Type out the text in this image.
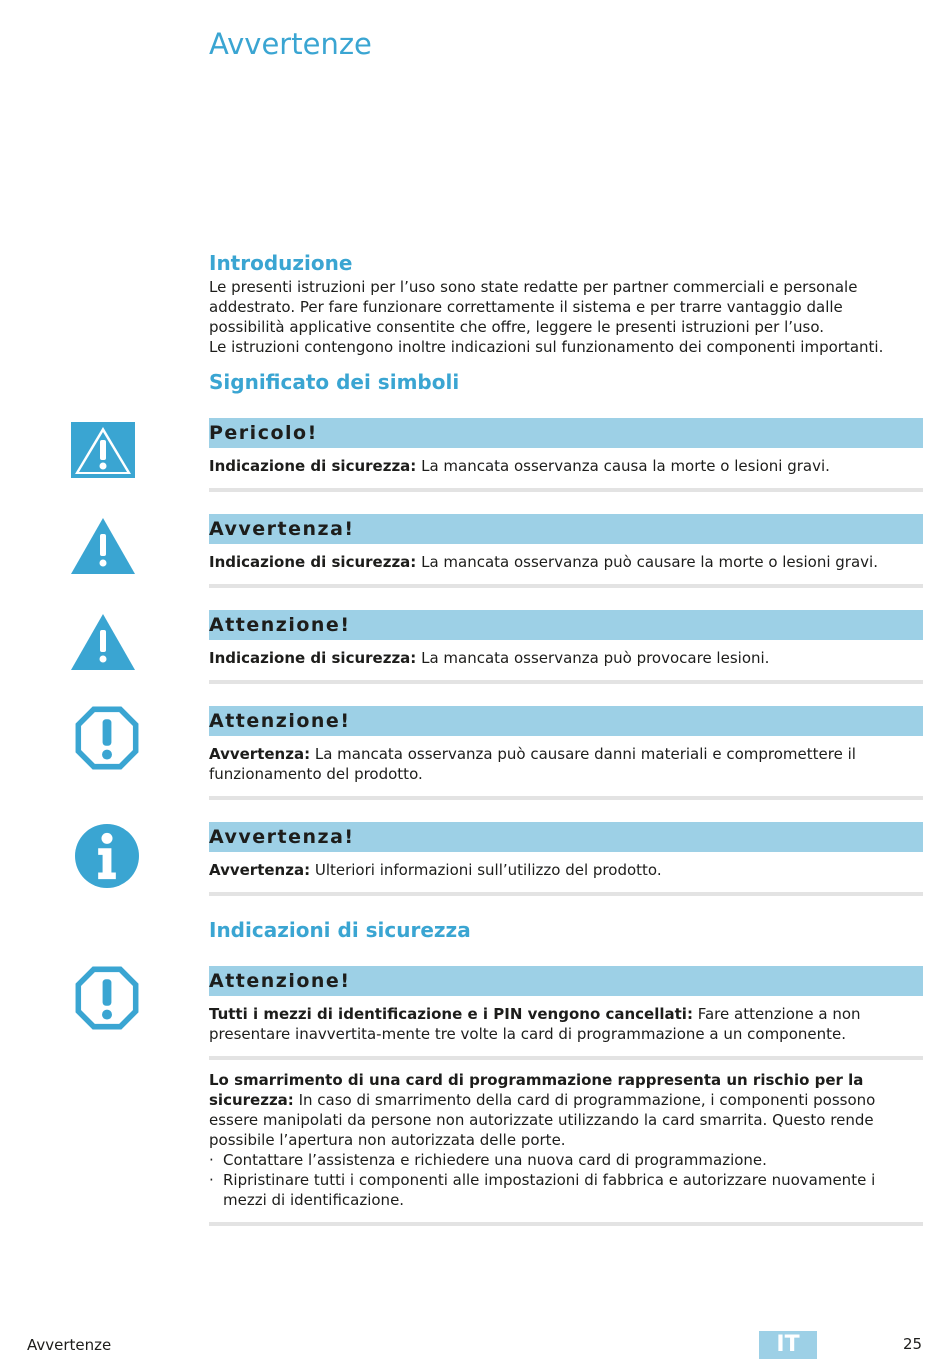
Avvertenze
Introduzione

Le presenti istruzioni per l’uso sono state redatte per partner commerciali e personale addestrato. Per fare funzionare correttamente il sistema e per trarre vantaggio dalle possibilità applicative consentite che offre, leggere le presenti istruzioni per l’uso.

Le istruzioni contengono inoltre indicazioni sul funzionamento dei componenti importanti.

Significato dei simboli
Pericolo!

Indicazione di sicurezza: La mancata osservanza causa la morte o lesioni gravi.

Avvertenza!

Indicazione di sicurezza: La mancata osservanza può causare la morte o lesioni gravi.

Attenzione!

Indicazione di sicurezza: La mancata osservanza può provocare lesioni.

Attenzione!

Avvertenza: La mancata osservanza può causare danni materiali e compromettere il funzionamento del prodotto.

Avvertenza!

Avvertenza: Ulteriori informazioni sull’utilizzo del prodotto.

Indicazioni di sicurezza
Attenzione!

Tutti i mezzi di identificazione e i PIN vengono cancellati: Fare attenzione a non presentare inavvertita-mente tre volte la card di programmazione a un componente.

Lo smarrimento di una card di programmazione rappresenta un rischio per la sicurezza: In caso di smarrimento della card di programmazione, i componenti possono essere manipolati da persone non autorizzate utilizzando la card smarrita. Questo rende possibile l’apertura non autorizzata delle porte.

· Contattare l’assistenza e richiedere una nuova card di programmazione.
· Ripristinare tutti i componenti alle impostazioni di fabbrica e autorizzare nuovamente i mezzi di identificazione.
Avvertenze	IT	25
